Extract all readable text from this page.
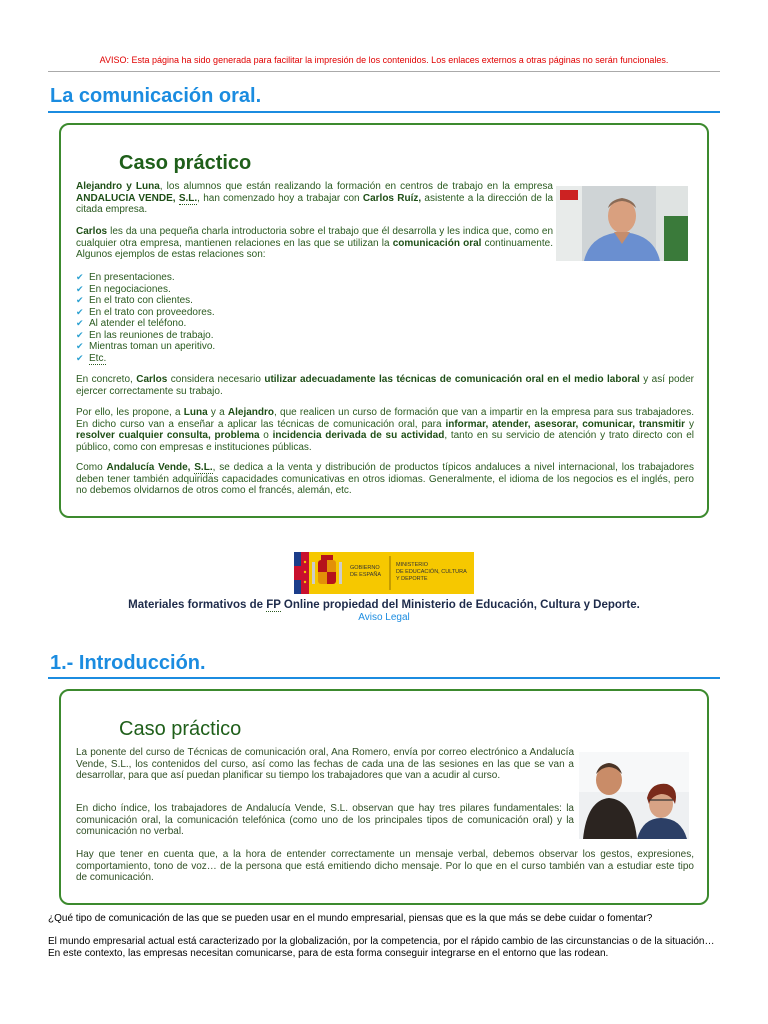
AVISO: Esta página ha sido generada para facilitar la impresión de los contenidos. Los enlaces externos a otras páginas no serán funcionales.
La comunicación oral.
Caso práctico

Alejandro y Luna, los alumnos que están realizando la formación en centros de trabajo en la empresa ANDALUCIA VENDE, S.L., han comenzado hoy a trabajar con Carlos Ruíz, asistente a la dirección de la citada empresa.

Carlos les da una pequeña charla introductoria sobre el trabajo que él desarrolla y les indica que, como en cualquier otra empresa, mantienen relaciones en las que se utilizan la comunicación oral continuamente. Algunos ejemplos de estas relaciones son:

✔ En presentaciones.
✔ En negociaciones.
✔ En el trato con clientes.
✔ En el trato con proveedores.
✔ Al atender el teléfono.
✔ En las reuniones de trabajo.
✔ Mientras toman un aperitivo.
✔ Etc.

En concreto, Carlos considera necesario utilizar adecuadamente las técnicas de comunicación oral en el medio laboral y así poder ejercer correctamente su trabajo.

Por ello, les propone, a Luna y a Alejandro, que realicen un curso de formación que van a impartir en la empresa para sus trabajadores. En dicho curso van a enseñar a aplicar las técnicas de comunicación oral, para informar, atender, asesorar, comunicar, transmitir y resolver cualquier consulta, problema o incidencia derivada de su actividad, tanto en su servicio de atención y trato directo con el público, como con empresas e instituciones públicas.

Como Andalucía Vende, S.L., se dedica a la venta y distribución de productos típicos andaluces a nivel internacional, los trabajadores deben tener también adquiridas capacidades comunicativas en otros idiomas. Generalmente, el idioma de los negocios es el inglés, pero no debemos olvidarnos de otros como el francés, alemán, etc.

GOBIERNO
DE ESPAÑA
MINISTERIO
DE EDUCACIÓN, CULTURA
Y DEPORTE

Materiales formativos de FP Online propiedad del Ministerio de Educación, Cultura y Deporte.

Aviso Legal
1.- Introducción.
Caso práctico

La ponente del curso de Técnicas de comunicación oral, Ana Romero, envía por correo electrónico a Andalucía Vende, S.L., los contenidos del curso, así como las fechas de cada una de las sesiones en las que se van a desarrollar, para que así puedan planificar su tiempo los trabajadores que van a acudir al curso.

En dicho índice, los trabajadores de Andalucía Vende, S.L. observan que hay tres pilares fundamentales: la comunicación oral, la comunicación telefónica (como uno de los principales tipos de comunicación oral) y la comunicación no verbal.

Hay que tener en cuenta que, a la hora de entender correctamente un mensaje verbal, debemos observar los gestos, expresiones, comportamiento, tono de voz… de la persona que está emitiendo dicho mensaje. Por lo que en el curso también van a estudiar este tipo de comunicación.

¿Qué tipo de comunicación de las que se pueden usar en el mundo empresarial, piensas que es la que más se debe cuidar o fomentar?

El mundo empresarial actual está caracterizado por la globalización, por la competencia, por el rápido cambio de las circunstancias o de la situación… En este contexto, las empresas necesitan comunicarse, para de esta forma conseguir integrarse en el entorno que las rodean.
